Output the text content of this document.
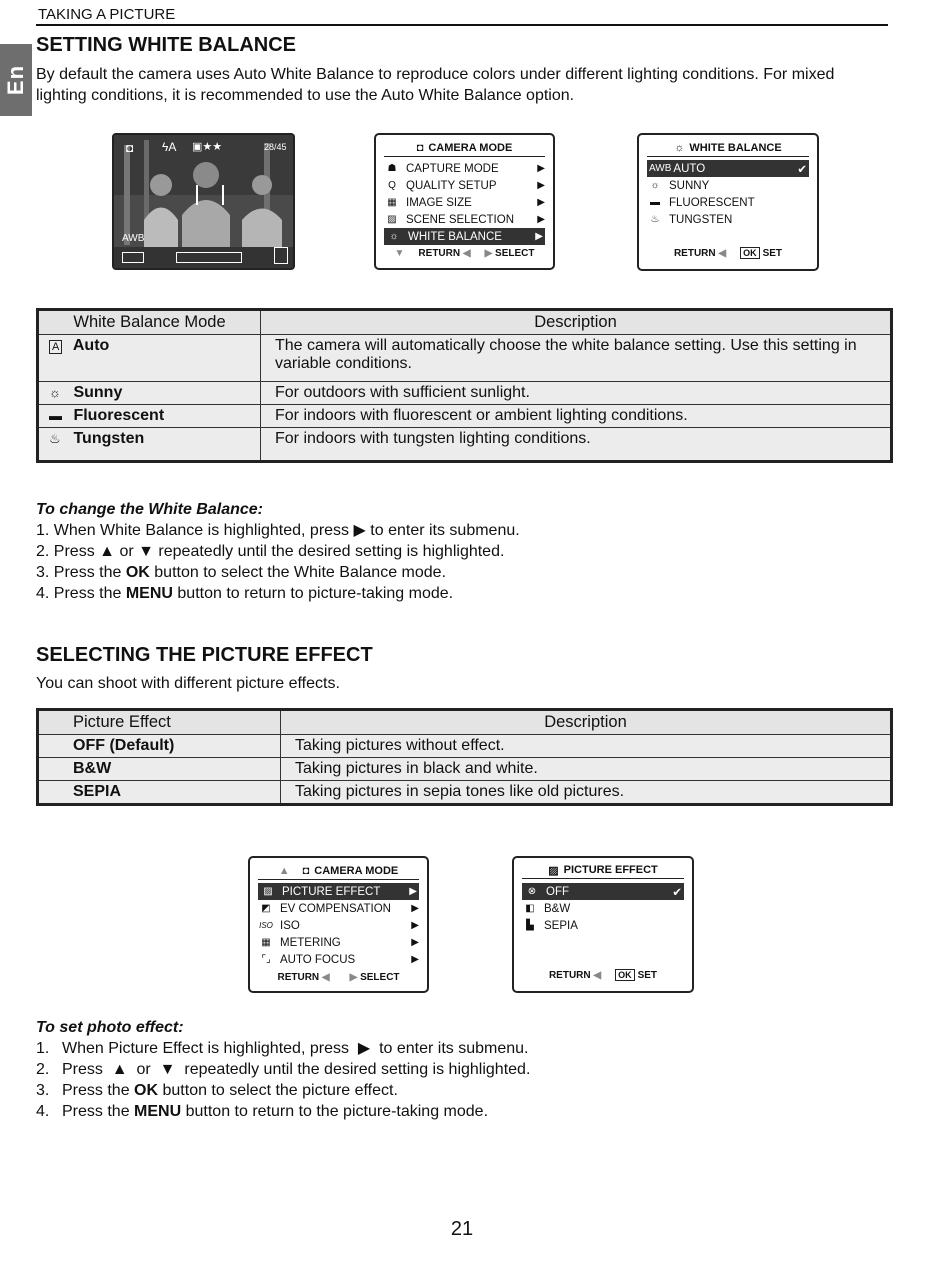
TAKING A PICTURE
En
SETTING WHITE BALANCE
By default the camera uses Auto White Balance to reproduce colors under different lighting conditions. For mixed lighting conditions, it is recommended to use the Auto White Balance option.
◘ ϟA ▣★★	28/45
AWB
◘ CAMERA MODE
☗ CAPTURE MODE	▶
Q QUALITY SETUP	▶
▦ IMAGE SIZE	▶
▨ SCENE SELECTION	▶
☼ WHITE BALANCE	▶
▼ RETURN ◀ ▶ SELECT
☼ WHITE BALANCE
AWB AUTO	✔
☼ SUNNY
▬ FLUORESCENT
♨ TUNGSTEN
RETURN ◀	OK SET
White Balance Mode	Description
A Auto	The camera will automatically choose the white balance setting. Use this setting in variable conditions.
☼ Sunny	For outdoors with sufficient sunlight.
▬ Fluorescent	For indoors with fluorescent or ambient lighting conditions.
♨ Tungsten	For indoors with tungsten lighting conditions.
To change the White Balance:
1. When White Balance is highlighted, press ▶ to enter its submenu.
2. Press ▲ or ▼ repeatedly until the desired setting is highlighted.
3. Press the OK button to select the White Balance mode.
4. Press the MENU button to return to picture-taking mode.
SELECTING THE PICTURE EFFECT
You can shoot with different picture effects.
Picture Effect	Description
OFF (Default)	Taking pictures without effect.
B&W	Taking pictures in black and white.
SEPIA	Taking pictures in sepia tones like old pictures.
▲ ◘ CAMERA MODE
▨ PICTURE EFFECT	▶
◩ EV COMPENSATION	▶
ISO ISO	▶
▦ METERING	▶
⌜⌟ AUTO FOCUS	▶
RETURN ◀ ▶ SELECT
▨ PICTURE EFFECT
⊗ OFF	✔
◧ B&W
▙ SEPIA
RETURN ◀	OK SET
To set photo effect:
1. When Picture Effect is highlighted, press ▶ to enter its submenu.
2. Press ▲ or ▼ repeatedly until the desired setting is highlighted.
3. Press the OK button to select the picture effect.
4. Press the MENU button to return to the picture-taking mode.
21
